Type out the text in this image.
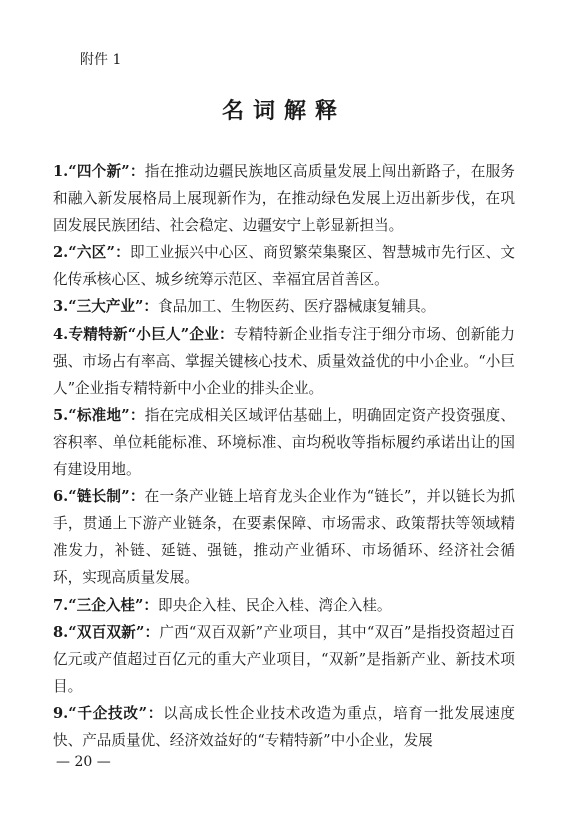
附件 1
名词解释

1.“四个新”：指在推动边疆民族地区高质量发展上闯出新路子，在服务和融入新发展格局上展现新作为，在推动绿色发展上迈出新步伐，在巩固发展民族团结、社会稳定、边疆安宁上彰显新担当。

2.“六区”：即工业振兴中心区、商贸繁荣集聚区、智慧城市先行区、文化传承核心区、城乡统筹示范区、幸福宜居首善区。

3.“三大产业”：食品加工、生物医药、医疗器械康复辅具。

4.专精特新“小巨人”企业：专精特新企业指专注于细分市场、创新能力强、市场占有率高、掌握关键核心技术、质量效益优的中小企业。“小巨人”企业指专精特新中小企业的排头企业。

5.“标准地”：指在完成相关区域评估基础上，明确固定资产投资强度、容积率、单位耗能标准、环境标准、亩均税收等指标履约承诺出让的国有建设用地。

6.“链长制”：在一条产业链上培育龙头企业作为“链长”，并以链长为抓手，贯通上下游产业链条，在要素保障、市场需求、政策帮扶等领域精准发力，补链、延链、强链，推动产业循环、市场循环、经济社会循环，实现高质量发展。

7.“三企入桂”：即央企入桂、民企入桂、湾企入桂。

8.“双百双新”：广西“双百双新”产业项目，其中“双百”是指投资超过百亿元或产值超过百亿元的重大产业项目，“双新”是指新产业、新技术项目。

9.“千企技改”：以高成长性企业技术改造为重点，培育一批发展速度快、产品质量优、经济效益好的“专精特新”中小企业，发展

— 20 —
